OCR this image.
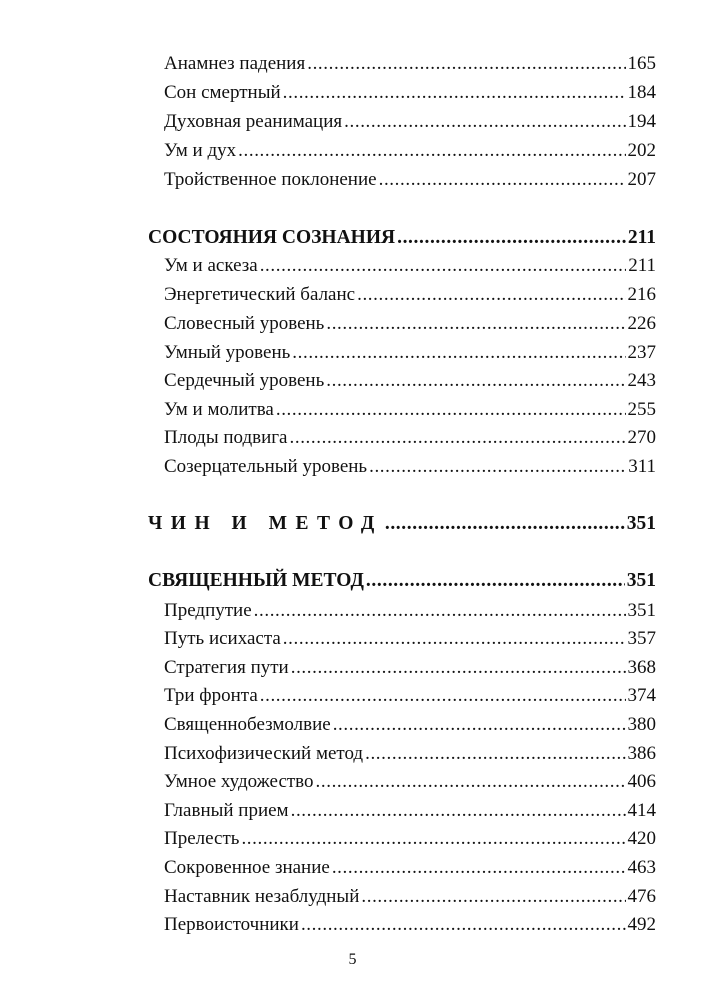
Анамнез падения .....	165
Сон смертный .....	184
Духовная реанимация .....	194
Ум и дух .....	202
Тройственное поклонение .....	207
СОСТОЯНИЯ СОЗНАНИЯ .....	211
Ум и аскеза .....	211
Энергетический баланс .....	216
Словесный уровень .....	226
Умный уровень .....	237
Сердечный уровень .....	243
Ум и молитва .....	255
Плоды подвига .....	270
Созерцательный уровень .....	311
ЧИН И МЕТОД .....	351
СВЯЩЕННЫЙ МЕТОД .....	351
Предпутие .....	351
Путь исихаста .....	357
Стратегия пути .....	368
Три фронта .....	374
Священнобезмолвие .....	380
Психофизический метод .....	386
Умное художество .....	406
Главный прием .....	414
Прелесть .....	420
Сокровенное знание .....	463
Наставник незаблудный .....	476
Первоисточники .....	492
5
